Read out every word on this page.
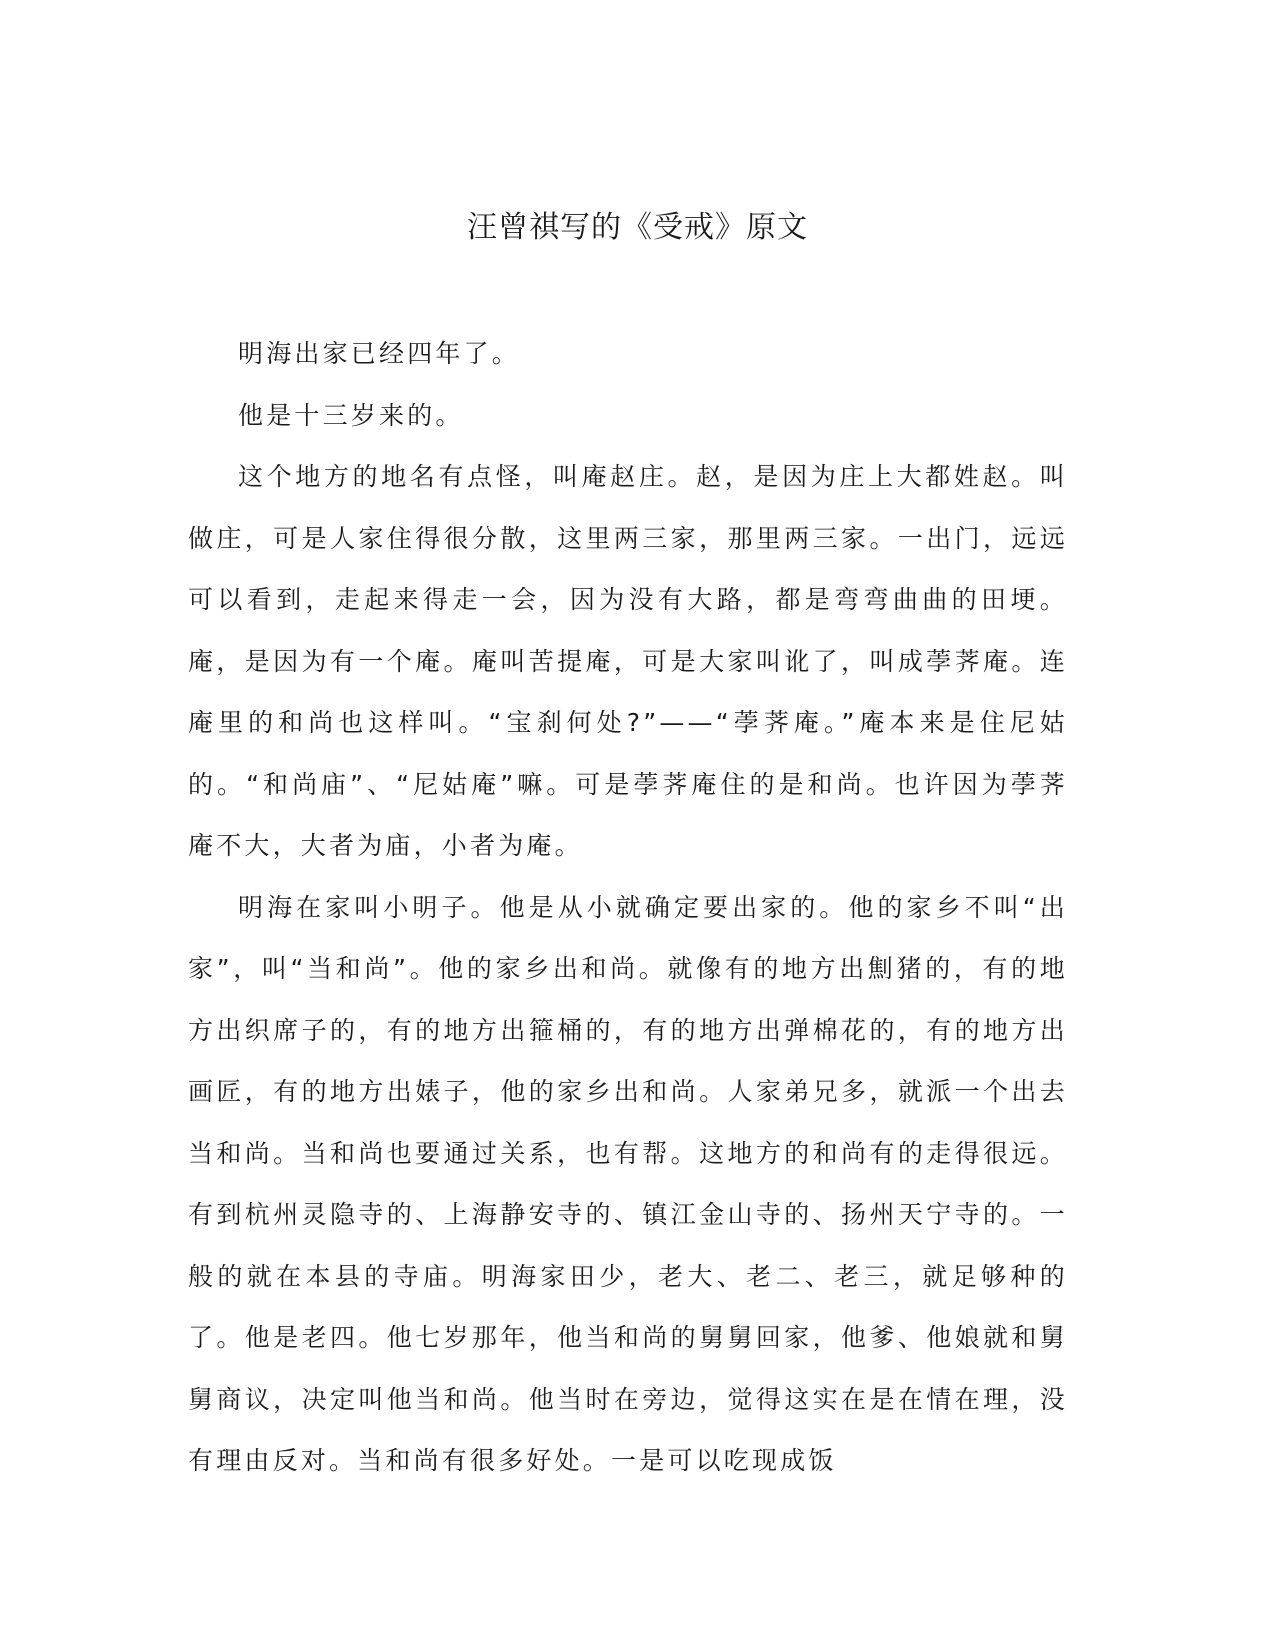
汪曾祺写的《受戒》原文

明海出家已经四年了。

他是十三岁来的。

这个地方的地名有点怪，叫庵赵庄。赵，是因为庄上大都姓赵。叫做庄，可是人家住得很分散，这里两三家，那里两三家。一出门，远远可以看到，走起来得走一会，因为没有大路，都是弯弯曲曲的田埂。庵，是因为有一个庵。庵叫苦提庵，可是大家叫讹了，叫成荸荠庵。连庵里的和尚也这样叫。“宝刹何处?”——“荸荠庵。”庵本来是住尼姑的。“和尚庙”、“尼姑庵”嘛。可是荸荠庵住的是和尚。也许因为荸荠庵不大，大者为庙，小者为庵。

明海在家叫小明子。他是从小就确定要出家的。他的家乡不叫“出家”，叫“当和尚”。他的家乡出和尚。就像有的地方出劁猪的，有的地方出织席子的，有的地方出箍桶的，有的地方出弹棉花的，有的地方出画匠，有的地方出婊子，他的家乡出和尚。人家弟兄多，就派一个出去当和尚。当和尚也要通过关系，也有帮。这地方的和尚有的走得很远。有到杭州灵隐寺的、上海静安寺的、镇江金山寺的、扬州天宁寺的。一般的就在本县的寺庙。明海家田少，老大、老二、老三，就足够种的了。他是老四。他七岁那年，他当和尚的舅舅回家，他爹、他娘就和舅舅商议，决定叫他当和尚。他当时在旁边，觉得这实在是在情在理，没有理由反对。当和尚有很多好处。一是可以吃现成饭
